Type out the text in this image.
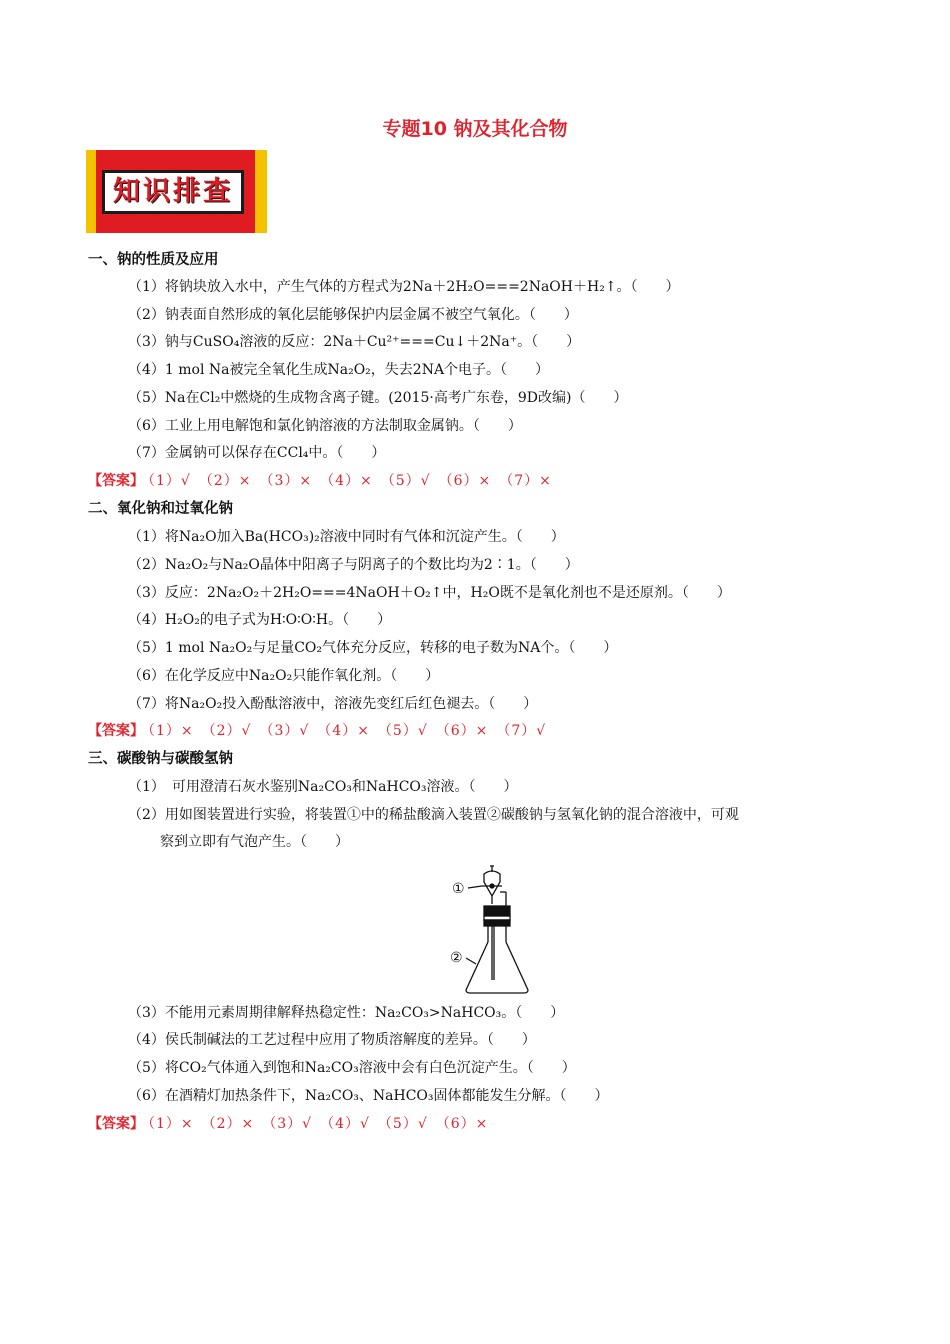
专题10 钠及其化合物
知识排查
一、钠的性质及应用
（1）将钠块放入水中，产生气体的方程式为2Na＋2H₂O===2NaOH＋H₂↑。（　　）
（2）钠表面自然形成的氧化层能够保护内层金属不被空气氧化。（　　）
（3）钠与CuSO₄溶液的反应：2Na＋Cu²⁺===Cu↓＋2Na⁺。（　　）
（4）1 mol Na被完全氧化生成Na₂O₂，失去2NA个电子。（　　）
（5）Na在Cl₂中燃烧的生成物含离子键。(2015·高考广东卷，9D改编)（　　）
（6）工业上用电解饱和氯化钠溶液的方法制取金属钠。（　　）
（7）金属钠可以保存在CCl₄中。（　　）
【答案】 （1）√　（2）×　（3）×　（4）×　（5）√　（6）×　（7）×
二、氧化钠和过氧化钠
（1）将Na₂O加入Ba(HCO₃)₂溶液中同时有气体和沉淀产生。（　　）
（2）Na₂O₂与Na₂O晶体中阳离子与阴离子的个数比均为2∶1。（　　）
（3）反应：2Na₂O₂＋2H₂O===4NaOH＋O₂↑中，H₂O既不是氧化剂也不是还原剂。（　　）
（4）H₂O₂的电子式为H∶O∶O∶H。（　　）
（5）1 mol Na₂O₂与足量CO₂气体充分反应，转移的电子数为NA个。（　　）
（6）在化学反应中Na₂O₂只能作氧化剂。（　　）
（7）将Na₂O₂投入酚酞溶液中，溶液先变红后红色褪去。（　　）
【答案】 （1）×　（2）√　（3）√　（4）×　（5）√　（6）×　（7）√
三、碳酸钠与碳酸氢钠
（1）　可用澄清石灰水鉴别Na₂CO₃和NaHCO₃溶液。（　　）
（2）用如图装置进行实验，将装置①中的稀盐酸滴入装置②碳酸钠与氢氧化钠的混合溶液中，可观
察到立即有气泡产生。（　　）
①
②
（3）不能用元素周期律解释热稳定性：Na₂CO₃>NaHCO₃。（　　）
（4）侯氏制碱法的工艺过程中应用了物质溶解度的差异。（　　）
（5）将CO₂气体通入到饱和Na₂CO₃溶液中会有白色沉淀产生。（　　）
（6）在酒精灯加热条件下，Na₂CO₃、NaHCO₃固体都能发生分解。（　　）
【答案】 （1）×　（2）×　（3）√　（4）√　（5）√　（6）×
